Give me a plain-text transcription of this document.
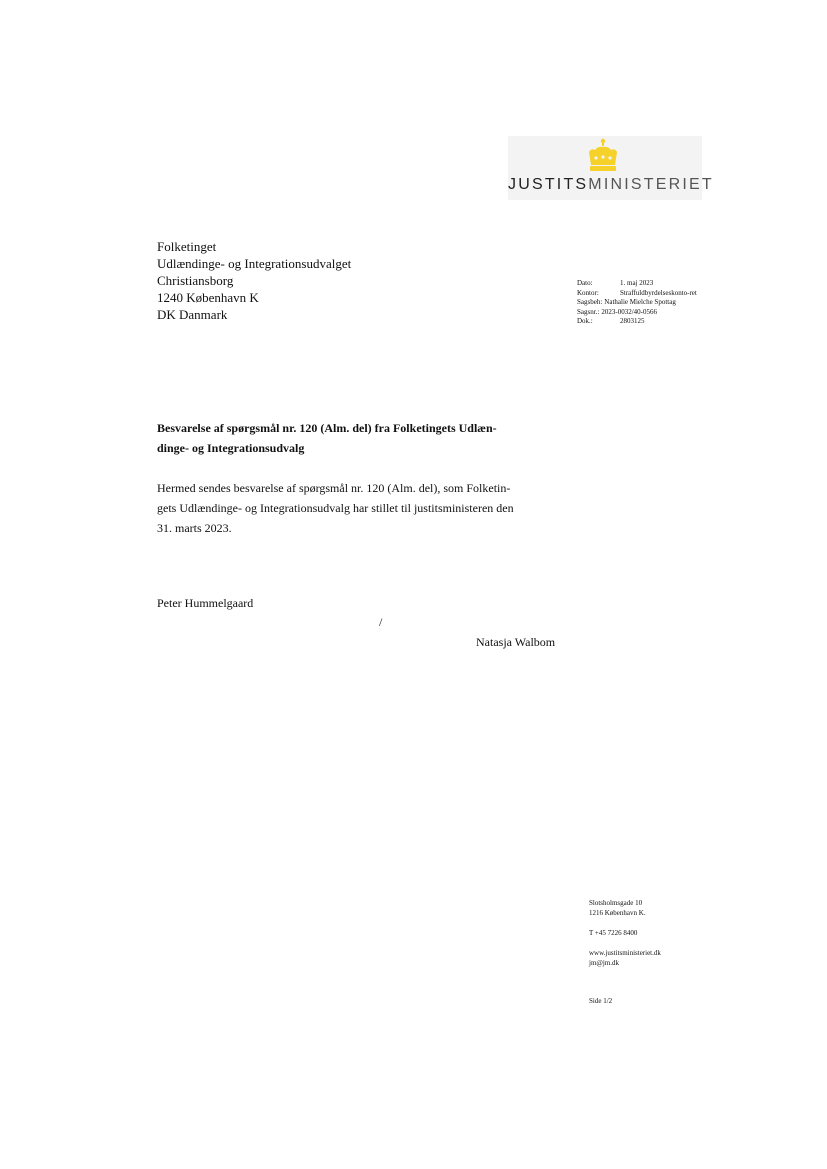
JUSTITSMINISTERIET
Folketinget
Udlændinge- og Integrationsudvalget
Christiansborg
1240 København K
DK Danmark
Dato:	1. maj 2023
Kontor:	Straffuldbyrdelseskonto-ret
Sagsbeh: Nathalie Mielche Spottag
Sagsnr.: 2023-0032/40-0566
Dok.:	2803125
Besvarelse af spørgsmål nr. 120 (Alm. del) fra Folketingets Udlæn-dinge- og Integrationsudvalg
Hermed sendes besvarelse af spørgsmål nr. 120 (Alm. del), som Folketin-gets Udlændinge- og Integrationsudvalg har stillet til justitsministeren den 31. marts 2023.
Peter Hummelgaard
/
Natasja Walbom
Slotsholmsgade 10
1216 København K.
T +45 7226 8400
www.justitsministeriet.dk
jm@jm.dk
Side 1/2
